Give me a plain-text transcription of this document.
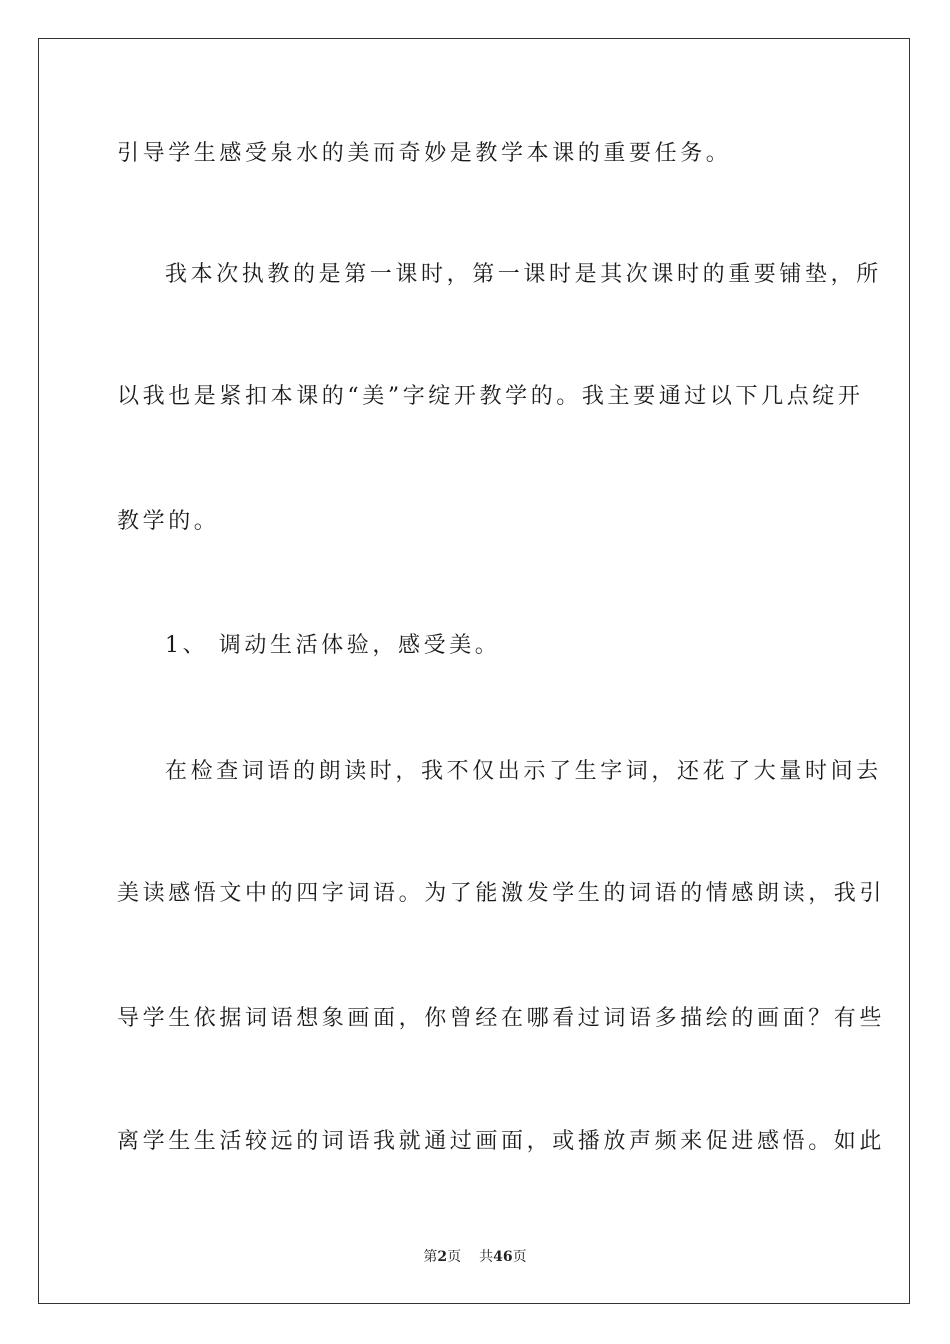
引导学生感受泉水的美而奇妙是教学本课的重要任务。
我本次执教的是第一课时，第一课时是其次课时的重要铺垫，所
以我也是紧扣本课的“美”字绽开教学的。我主要通过以下几点绽开
教学的。
1、 调动生活体验，感受美。
在检查词语的朗读时，我不仅出示了生字词，还花了大量时间去
美读感悟文中的四字词语。为了能激发学生的词语的情感朗读，我引
导学生依据词语想象画面，你曾经在哪看过词语多描绘的画面？有些
离学生生活较远的词语我就通过画面，或播放声频来促进感悟。如此
第2页 共46页
